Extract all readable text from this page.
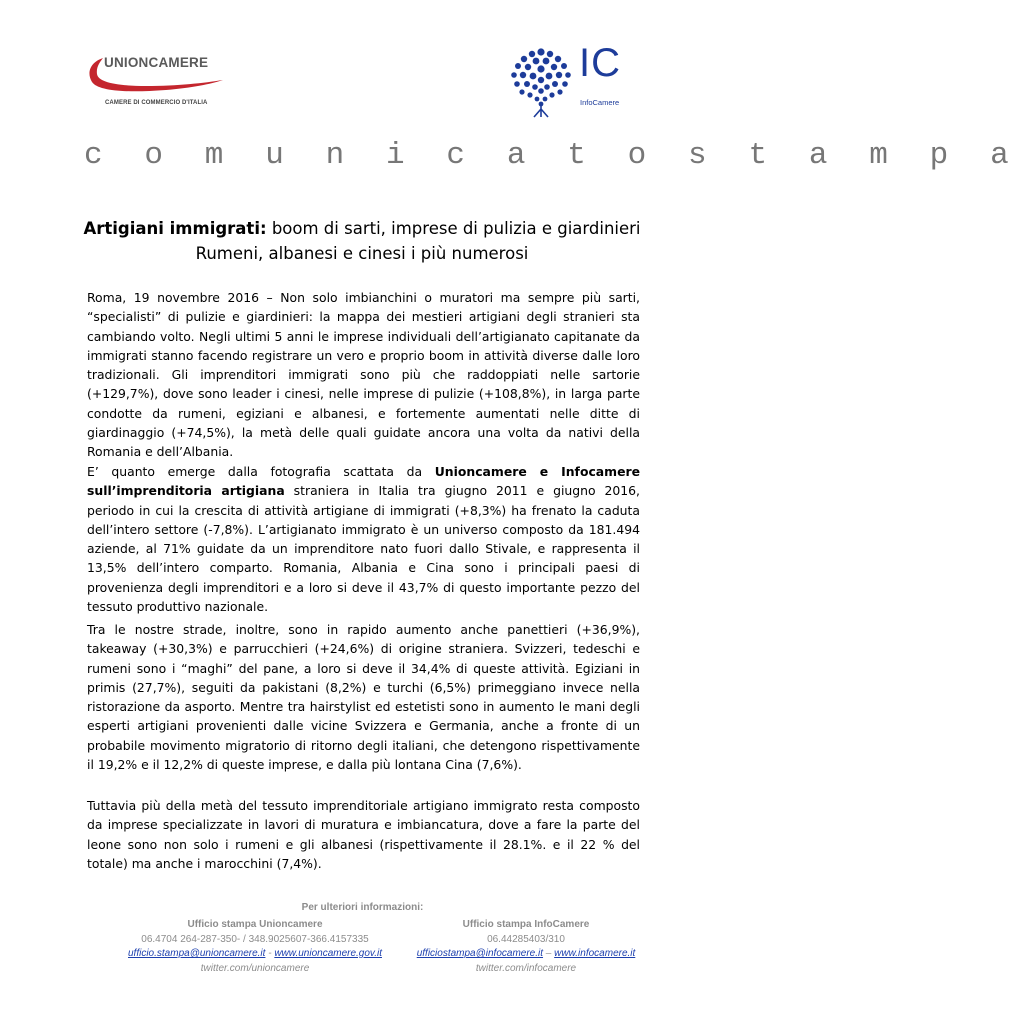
UNIONCAMERE
CAMERE DI COMMERCIO D'ITALIA
IC
InfoCamere
c o m u n i c a t o s t a m p a
Artigiani immigrati: boom di sarti, imprese di pulizia e giardinieri
Rumeni, albanesi e cinesi i più numerosi
Roma, 19 novembre 2016 – Non solo imbianchini o muratori ma sempre più sarti, “specialisti” di pulizie e giardinieri: la mappa dei mestieri artigiani degli stranieri sta cambiando volto. Negli ultimi 5 anni le imprese individuali dell’artigianato capitanate da immigrati stanno facendo registrare un vero e proprio boom in attività diverse dalle loro tradizionali. Gli imprenditori immigrati sono più che raddoppiati nelle sartorie (+129,7%), dove sono leader i cinesi, nelle imprese di pulizie (+108,8%), in larga parte condotte da rumeni, egiziani e albanesi, e fortemente aumentati nelle ditte di giardinaggio (+74,5%), la metà delle quali guidate ancora una volta da nativi della Romania e dell’Albania.
E’ quanto emerge dalla fotografia scattata da Unioncamere e Infocamere sull’imprenditoria artigiana straniera in Italia tra giugno 2011 e giugno 2016, periodo in cui la crescita di attività artigiane di immigrati (+8,3%) ha frenato la caduta dell’intero settore (-7,8%). L’artigianato immigrato è un universo composto da 181.494 aziende, al 71% guidate da un imprenditore nato fuori dallo Stivale, e rappresenta il 13,5% dell’intero comparto. Romania, Albania e Cina sono i principali paesi di provenienza degli imprenditori e a loro si deve il 43,7% di questo importante pezzo del tessuto produttivo nazionale.
Tra le nostre strade, inoltre, sono in rapido aumento anche panettieri (+36,9%), takeaway (+30,3%) e parrucchieri (+24,6%) di origine straniera. Svizzeri, tedeschi e rumeni sono i “maghi” del pane, a loro si deve il 34,4% di queste attività. Egiziani in primis (27,7%), seguiti da pakistani (8,2%) e turchi (6,5%) primeggiano invece nella ristorazione da asporto. Mentre tra hairstylist ed estetisti sono in aumento le mani degli esperti artigiani provenienti dalle vicine Svizzera e Germania, anche a fronte di un probabile movimento migratorio di ritorno degli italiani, che detengono rispettivamente il 19,2% e il 12,2% di queste imprese, e dalla più lontana Cina (7,6%).
Tuttavia più della metà del tessuto imprenditoriale artigiano immigrato resta composto da imprese specializzate in lavori di muratura e imbiancatura, dove a fare la parte del leone sono non solo i rumeni e gli albanesi (rispettivamente il 28.1%. e il 22 % del totale) ma anche i marocchini (7,4%).
Per ulteriori informazioni:
Ufficio stampa Unioncamere
06.4704 264-287-350- / 348.9025607-366.4157335
ufficio.stampa@unioncamere.it - www.unioncamere.gov.it
twitter.com/unioncamere
Ufficio stampa InfoCamere
06.44285403/310
ufficiostampa@infocamere.it – www.infocamere.it
twitter.com/infocamere
